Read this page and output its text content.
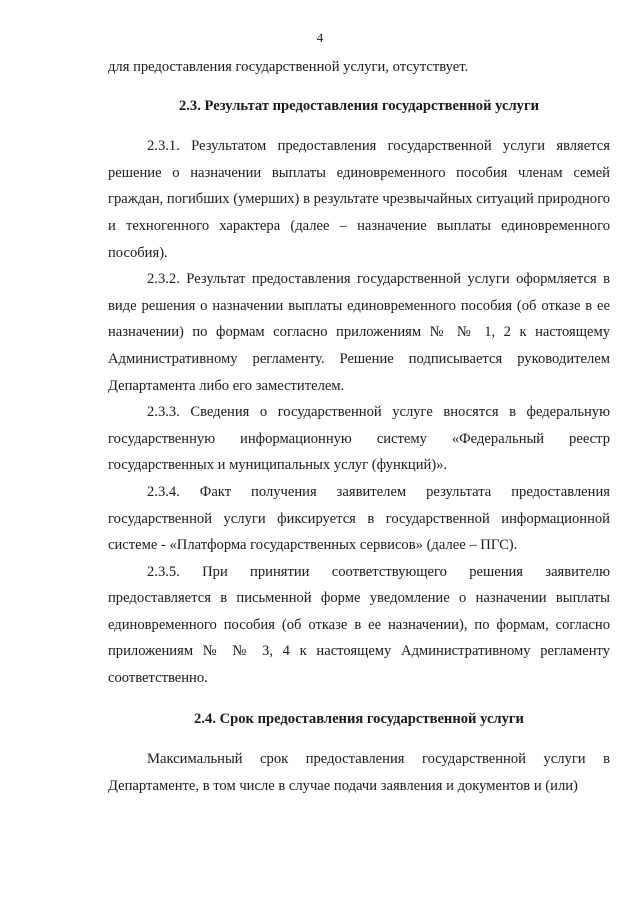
4

для предоставления государственной услуги, отсутствует.

2.3. Результат предоставления государственной услуги

2.3.1. Результатом предоставления государственной услуги является решение о назначении выплаты единовременного пособия членам семей граждан, погибших (умерших) в результате чрезвычайных ситуаций природного и техногенного характера (далее – назначение выплаты единовременного пособия).

2.3.2. Результат предоставления государственной услуги оформляется в виде решения о назначении выплаты единовременного пособия (об отказе в ее назначении) по формам согласно приложениям № № 1, 2 к настоящему Административному регламенту. Решение подписывается руководителем Департамента либо его заместителем.

2.3.3. Сведения о государственной услуге вносятся в федеральную государственную информационную систему «Федеральный реестр государственных и муниципальных услуг (функций)».

2.3.4. Факт получения заявителем результата предоставления государственной услуги фиксируется в государственной информационной системе - «Платформа государственных сервисов» (далее – ПГС).

2.3.5. При принятии соответствующего решения заявителю предоставляется в письменной форме уведомление о назначении выплаты единовременного пособия (об отказе в ее назначении), по формам, согласно приложениям № № 3, 4 к настоящему Административному регламенту соответственно.

2.4. Срок предоставления государственной услуги

Максимальный срок предоставления государственной услуги в Департаменте, в том числе в случае подачи заявления и документов и (или)
